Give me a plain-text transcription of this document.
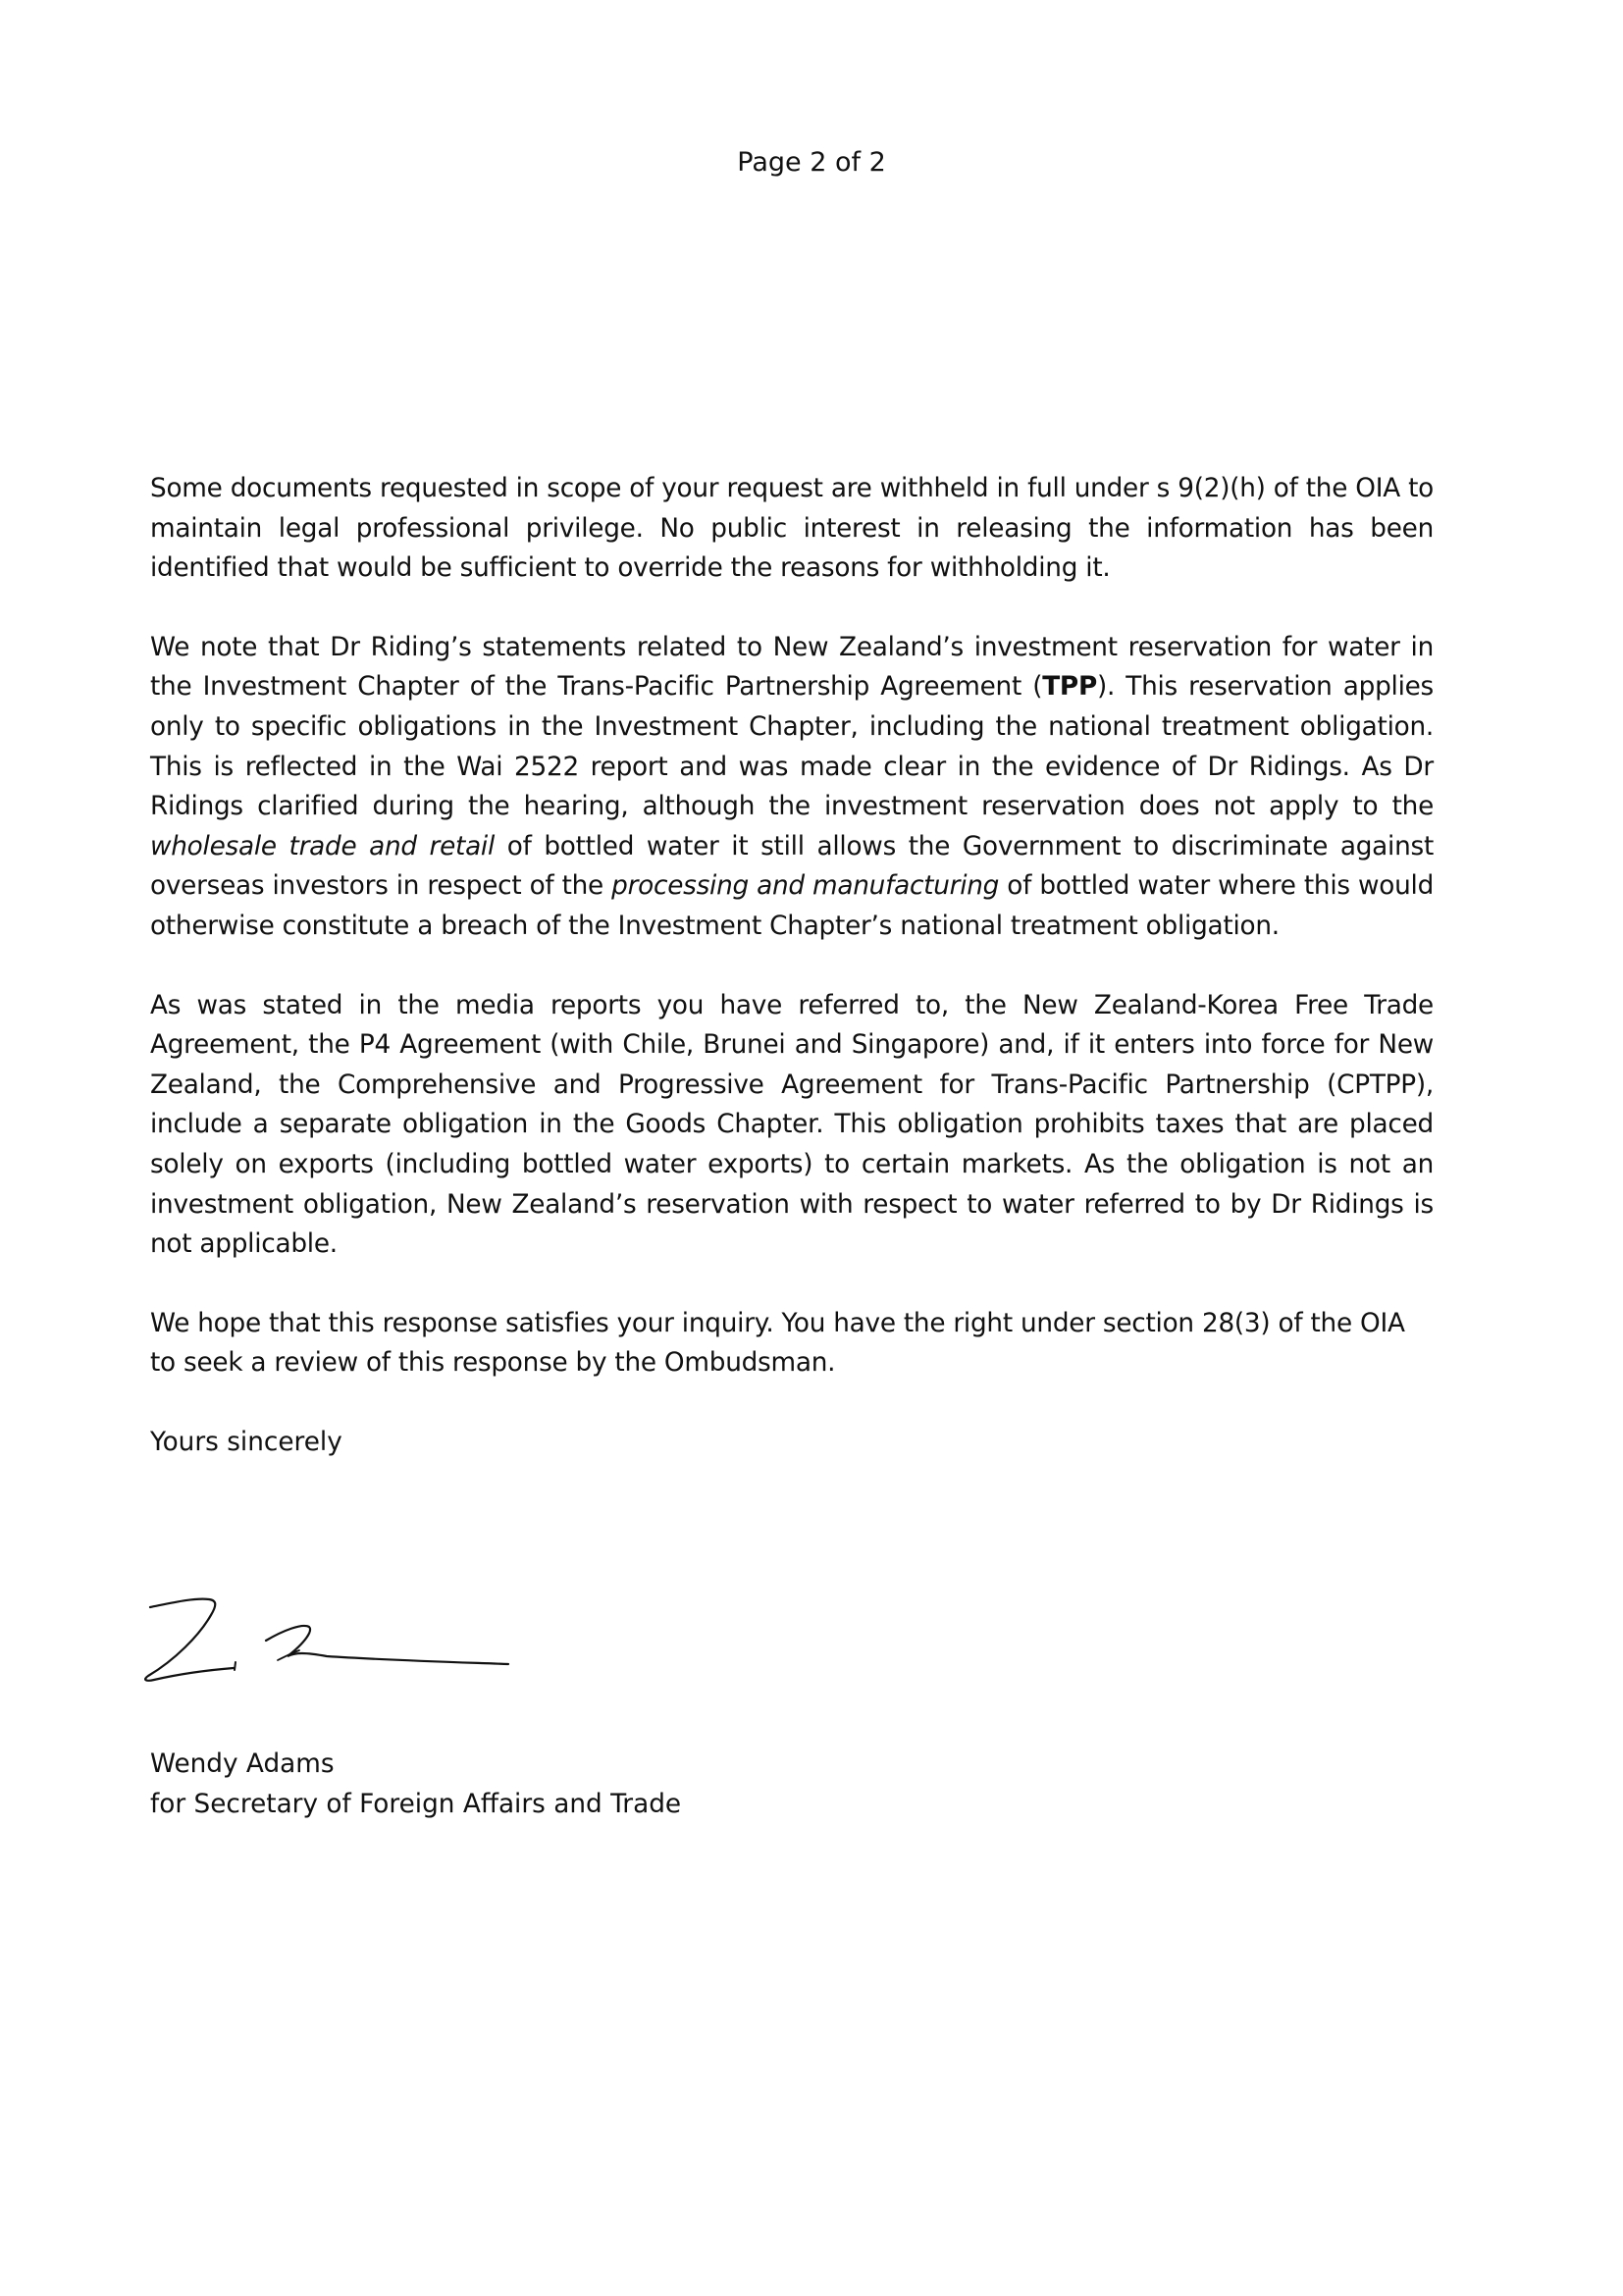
Page 2 of 2

Some documents requested in scope of your request are withheld in full under s 9(2)(h) of the OIA to maintain legal professional privilege. No public interest in releasing the information has been identified that would be sufficient to override the reasons for withholding it.

We note that Dr Riding’s statements related to New Zealand’s investment reservation for water in the Investment Chapter of the Trans-Pacific Partnership Agreement (TPP). This reservation applies only to specific obligations in the Investment Chapter, including the national treatment obligation. This is reflected in the Wai 2522 report and was made clear in the evidence of Dr Ridings. As Dr Ridings clarified during the hearing, although the investment reservation does not apply to the wholesale trade and retail of bottled water it still allows the Government to discriminate against overseas investors in respect of the processing and manufacturing of bottled water where this would otherwise constitute a breach of the Investment Chapter’s national treatment obligation.

As was stated in the media reports you have referred to, the New Zealand-Korea Free Trade Agreement, the P4 Agreement (with Chile, Brunei and Singapore) and, if it enters into force for New Zealand, the Comprehensive and Progressive Agreement for Trans-Pacific Partnership (CPTPP), include a separate obligation in the Goods Chapter. This obligation prohibits taxes that are placed solely on exports (including bottled water exports) to certain markets. As the obligation is not an investment obligation, New Zealand’s reservation with respect to water referred to by Dr Ridings is not applicable.

We hope that this response satisfies your inquiry. You have the right under section 28(3) of the OIA to seek a review of this response by the Ombudsman.

Yours sincerely

Wendy Adams
for Secretary of Foreign Affairs and Trade
